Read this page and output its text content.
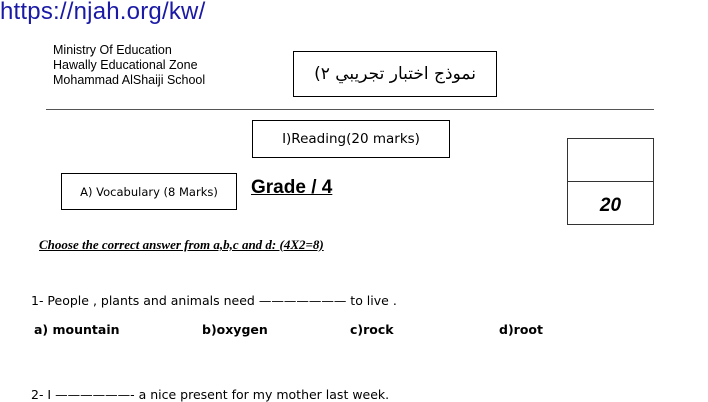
https://njah.org/kw/
Ministry Of Education
Hawally Educational Zone
Mohammad AlShaiji School	نموذج اختبار تجريبي ٢)
I)Reading(20 marks)
20
A) Vocabulary (8 Marks) Grade / 4
Choose the correct answer from a,b,c and d: (4X2=8)
1- People , plants and animals need ——————— to live .
a) mountain	b)oxygen	c)rock	d)root
2- I ——————- a nice present for my mother last week.
